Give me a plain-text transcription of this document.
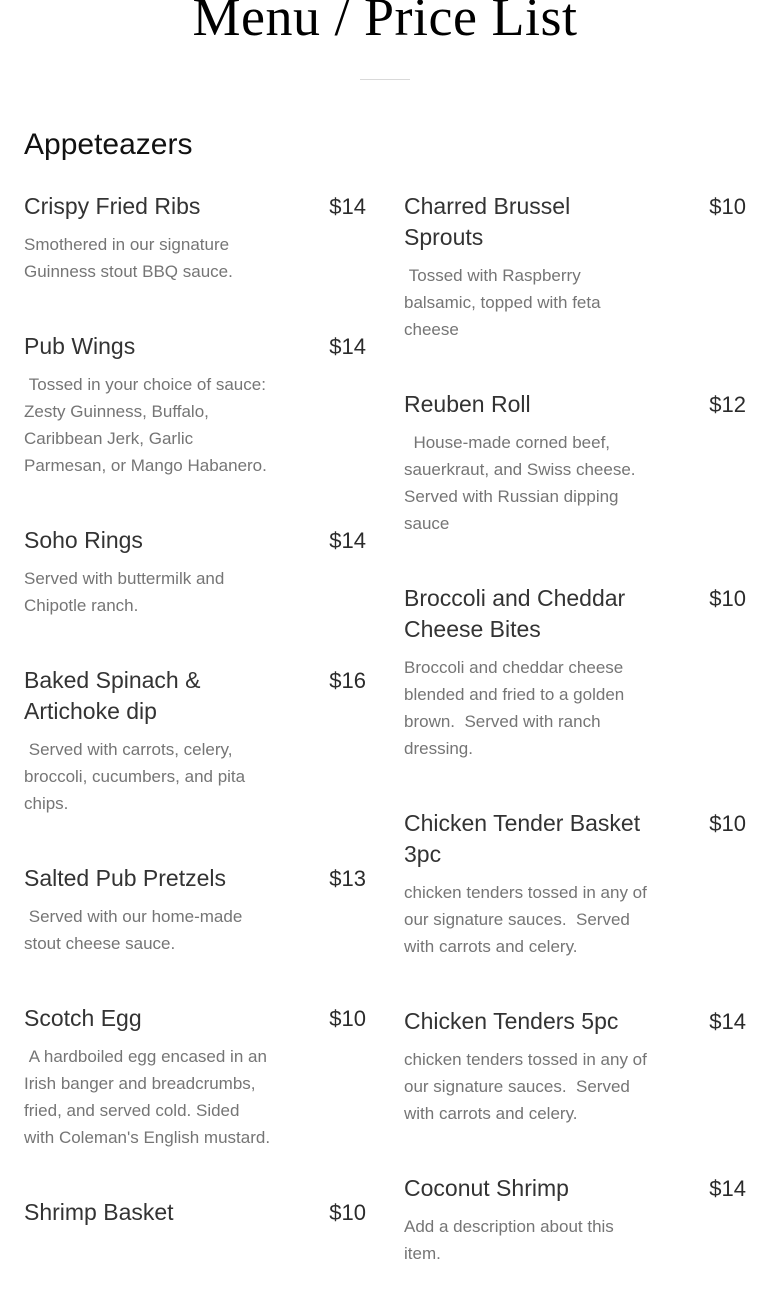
Menu / Price List
Appeteazers
Crispy Fried Ribs
Smothered in our signature Guinness stout BBQ sauce.
$14
Pub Wings
Tossed in your choice of sauce: Zesty Guinness, Buffalo, Caribbean Jerk, Garlic Parmesan, or Mango Habanero.
$14
Soho Rings
Served with buttermilk and Chipotle ranch.
$14
Baked Spinach & Artichoke dip
Served with carrots, celery, broccoli, cucumbers, and pita chips.
$16
Salted Pub Pretzels
Served with our home-made stout cheese sauce.
$13
Scotch Egg
A hardboiled egg encased in an Irish banger and breadcrumbs, fried, and served cold. Sided with Coleman's English mustard.
$10
Shrimp Basket	$10
Charred Brussel Sprouts
Tossed with Raspberry balsamic, topped with feta cheese
$10
Reuben Roll
House-made corned beef, sauerkraut, and Swiss cheese. Served with Russian dipping sauce
$12
Broccoli and Cheddar Cheese Bites
Broccoli and cheddar cheese blended and fried to a golden brown.  Served with ranch dressing.
$10
Chicken Tender Basket 3pc
chicken tenders tossed in any of our signature sauces.  Served with carrots and celery.
$10
Chicken Tenders 5pc
chicken tenders tossed in any of our signature sauces.  Served with carrots and celery.
$14
Coconut Shrimp
Add a description about this item.
$14
